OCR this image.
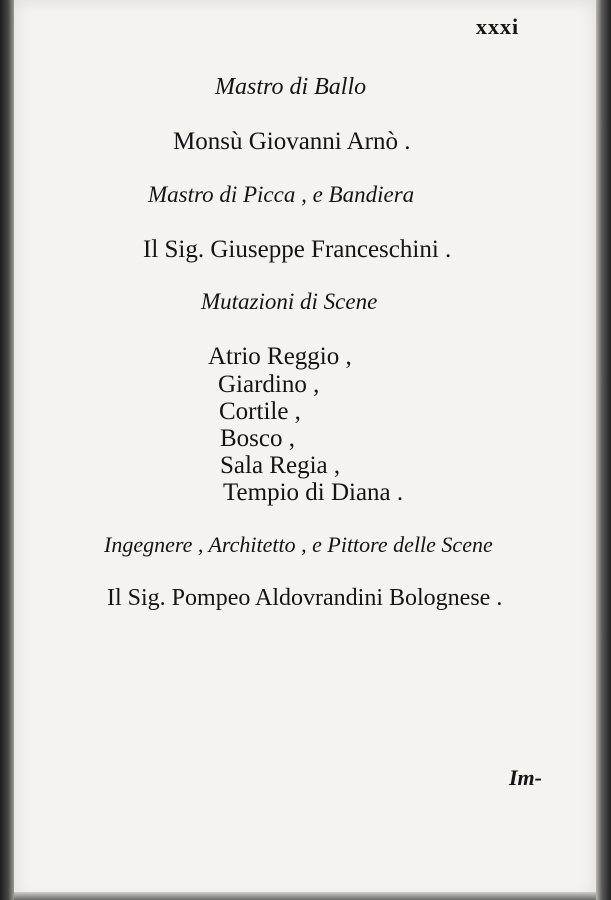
xxxi
Mastro di Ballo
Monsù Giovanni Arnò .
Mastro di Picca , e Bandiera
Il Sig. Giuseppe Franceschini .
Mutazioni di Scene
Atrio Reggio ,
Giardino ,
Cortile ,
Bosco ,
Sala Regia ,
Tempio di Diana .
Ingegnere , Architetto , e Pittore delle Scene
Il Sig. Pompeo Aldovrandini Bolognese .
Im-
